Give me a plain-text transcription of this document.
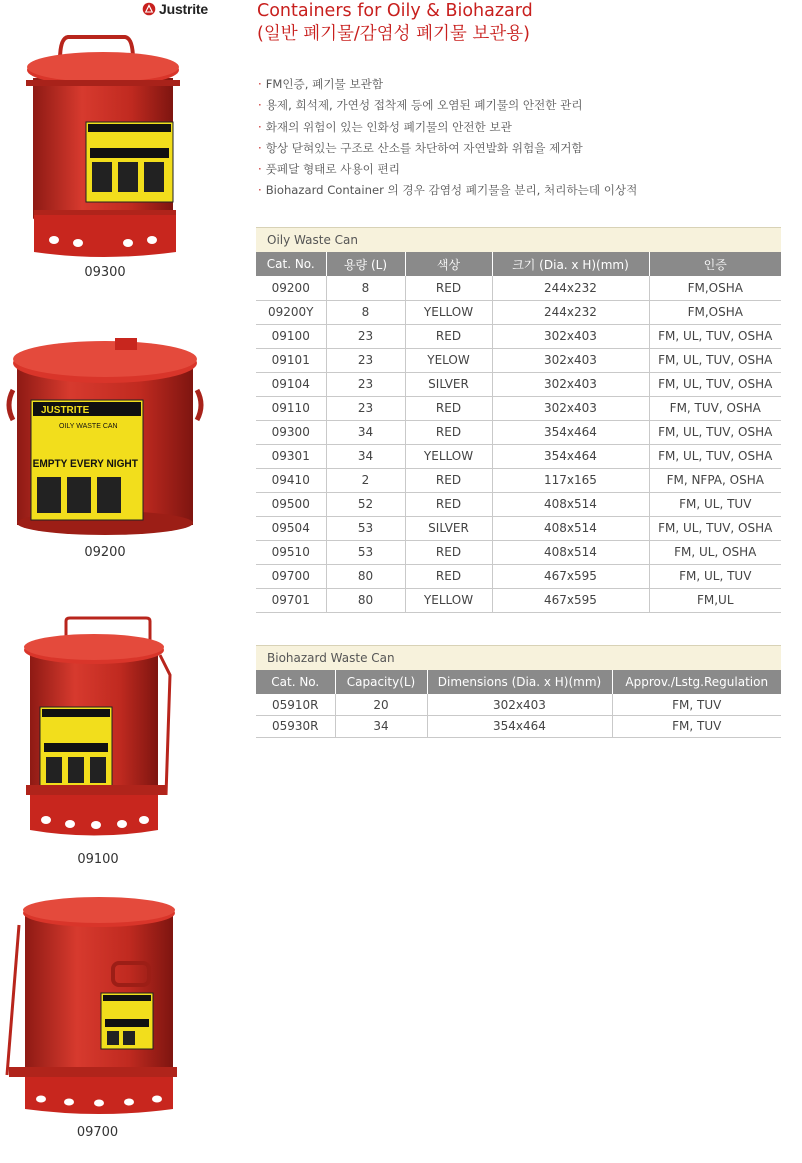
Justrite	Containers for Oily & Biohazard
(일반 폐기물/감염성 폐기물 보관용)
· FM인증, 폐기물 보관함
· 용제, 희석제, 가연성 접착제 등에 오염된 폐기물의 안전한 관리
· 화재의 위험이 있는 인화성 폐기물의 안전한 보관
· 항상 닫혀있는 구조로 산소를 차단하여 자연발화 위험을 제거함
· 풋페달 형태로 사용이 편리
· Biohazard Container 의 경우 감염성 폐기물을 분리, 처리하는데 이상적
09300
JUSTRITE
OILY WASTE CAN
EMPTY EVERY NIGHT
09200
09100
09700
Oily Waste Can
Cat. No.	용량 (L)	색상	크기 (Dia. x H)(mm)	인증
09200	8	RED	244x232	FM,OSHA
09200Y	8	YELLOW	244x232	FM,OSHA
09100	23	RED	302x403	FM, UL, TUV, OSHA
09101	23	YELOW	302x403	FM, UL, TUV, OSHA
09104	23	SILVER	302x403	FM, UL, TUV, OSHA
09110	23	RED	302x403	FM, TUV, OSHA
09300	34	RED	354x464	FM, UL, TUV, OSHA
09301	34	YELLOW	354x464	FM, UL, TUV, OSHA
09410	2	RED	117x165	FM, NFPA, OSHA
09500	52	RED	408x514	FM, UL, TUV
09504	53	SILVER	408x514	FM, UL, TUV, OSHA
09510	53	RED	408x514	FM, UL, OSHA
09700	80	RED	467x595	FM, UL, TUV
09701	80	YELLOW	467x595	FM,UL
Biohazard Waste Can
Cat. No.	Capacity(L)	Dimensions (Dia. x H)(mm)	Approv./Lstg.Regulation
05910R	20	302x403	FM, TUV
05930R	34	354x464	FM, TUV
